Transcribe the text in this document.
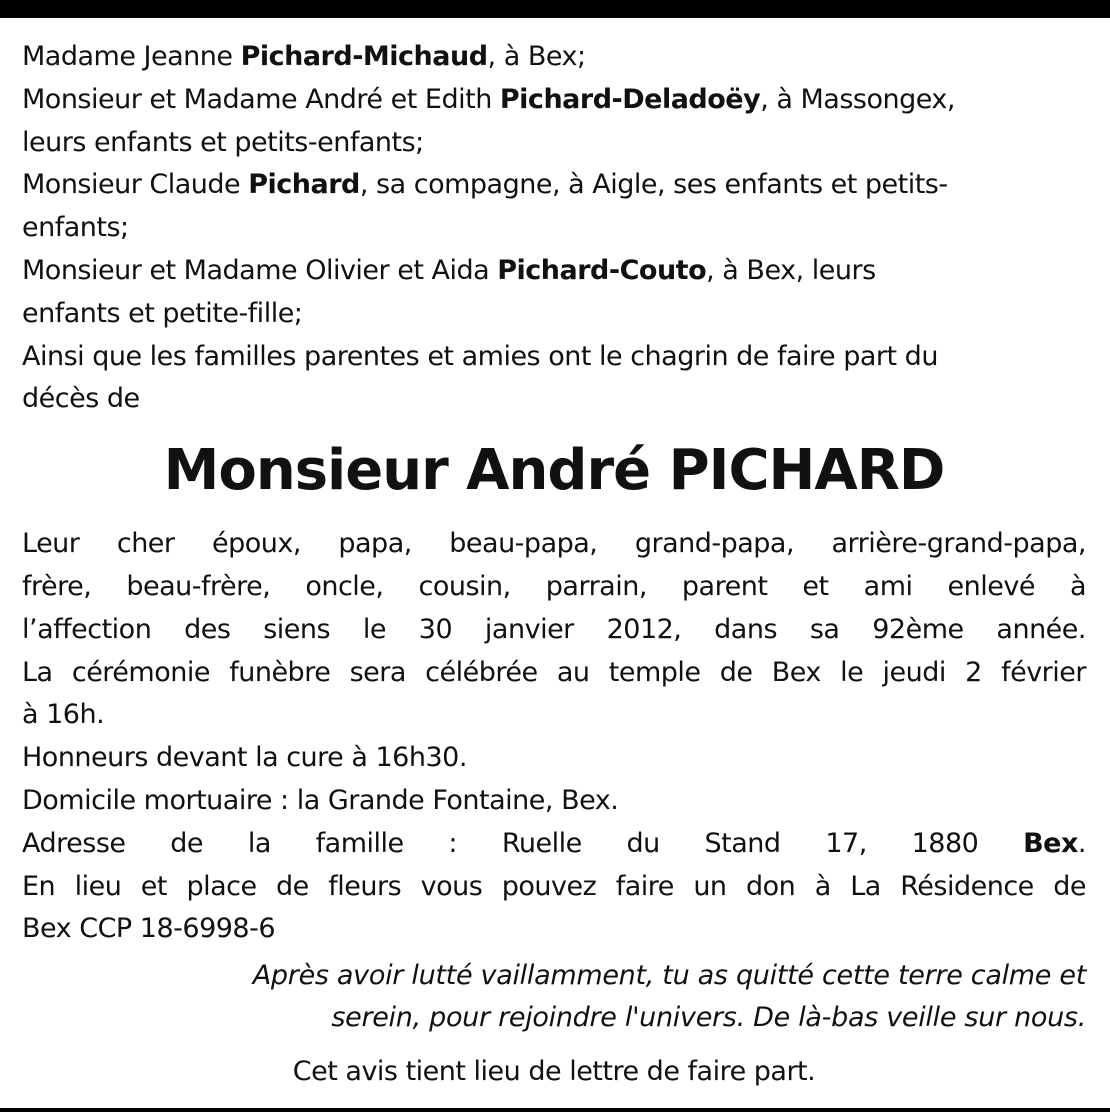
Madame Jeanne Pichard-Michaud, à Bex;

Monsieur et Madame André et Edith Pichard-Deladoëy, à Massongex,

leurs enfants et petits-enfants;

Monsieur Claude Pichard, sa compagne, à Aigle, ses enfants et petits-

enfants;

Monsieur et Madame Olivier et Aida Pichard-Couto, à Bex, leurs

enfants et petite-fille;

Ainsi que les familles parentes et amies ont le chagrin de faire part du

décès de

Monsieur André PICHARD

Leur cher époux, papa, beau-papa, grand-papa, arrière-grand-papa,

frère, beau-frère, oncle, cousin, parrain, parent et ami enlevé à

l’affection des siens le 30 janvier 2012, dans sa 92ème année.

La cérémonie funèbre sera célébrée au temple de Bex le jeudi 2 février

à 16h.

Honneurs devant la cure à 16h30.

Domicile mortuaire : la Grande Fontaine, Bex.

Adresse de la famille : Ruelle du Stand 17, 1880 Bex.

En lieu et place de fleurs vous pouvez faire un don à La Résidence de

Bex CCP 18-6998-6

Après avoir lutté vaillamment, tu as quitté cette terre calme et
serein, pour rejoindre l'univers. De là-bas veille sur nous.
Cet avis tient lieu de lettre de faire part.
